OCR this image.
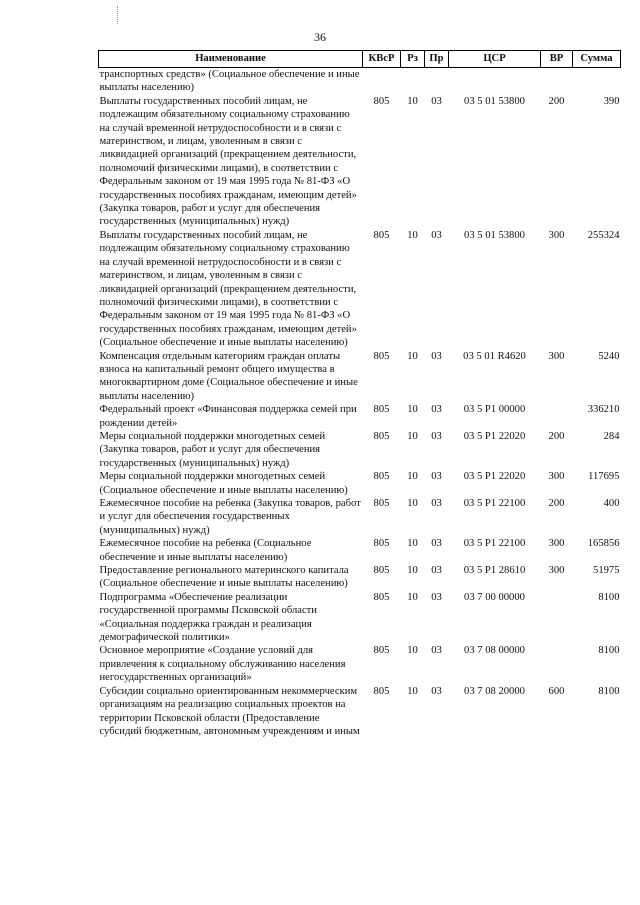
36
Наименование	КВсР	Рз	Пр	ЦСР	ВР	Сумма
транспортных средств» (Социальное обеспечение и иные выплаты населению)						
Выплаты государственных пособий лицам, не подлежащим обязательному социальному страхованию на случай временной нетрудоспособности и в связи с материнством, и лицам, уволенным в связи с ликвидацией организаций (прекращением деятельности, полномочий физическими лицами), в соответствии с Федеральным законом от 19 мая 1995 года № 81-ФЗ «О государственных пособиях гражданам, имеющим детей» (Закупка товаров, работ и услуг для обеспечения государственных (муниципальных) нужд)	805	10	03	03 5 01 53800	200	390
Выплаты государственных пособий лицам, не подлежащим обязательному социальному страхованию на случай временной нетрудоспособности и в связи с материнством, и лицам, уволенным в связи с ликвидацией организаций (прекращением деятельности, полномочий физическими лицами), в соответствии с Федеральным законом от 19 мая 1995 года № 81-ФЗ «О государственных пособиях гражданам, имеющим детей» (Социальное обеспечение и иные выплаты населению)	805	10	03	03 5 01 53800	300	255324
Компенсация отдельным категориям граждан оплаты взноса на капитальный ремонт общего имущества в многоквартирном доме (Социальное обеспечение и иные выплаты населению)	805	10	03	03 5 01 R4620	300	5240
Федеральный проект «Финансовая поддержка семей при рождении детей»	805	10	03	03 5 P1 00000		336210
Меры социальной поддержки многодетных семей (Закупка товаров, работ и услуг для обеспечения государственных (муниципальных) нужд)	805	10	03	03 5 P1 22020	200	284
Меры социальной поддержки многодетных семей (Социальное обеспечение и иные выплаты населению)	805	10	03	03 5 P1 22020	300	117695
Ежемесячное пособие на ребенка (Закупка товаров, работ и услуг для обеспечения государственных (муниципальных) нужд)	805	10	03	03 5 P1 22100	200	400
Ежемесячное пособие на ребенка (Социальное обеспечение и иные выплаты населению)	805	10	03	03 5 P1 22100	300	165856
Предоставление регионального материнского капитала (Социальное обеспечение и иные выплаты населению)	805	10	03	03 5 P1 28610	300	51975
Подпрограмма «Обеспечение реализации государственной программы Псковской области «Социальная поддержка граждан и реализация демографической политики»	805	10	03	03 7 00 00000		8100
Основное мероприятие «Создание условий для привлечения к социальному обслуживанию населения негосударственных организаций»	805	10	03	03 7 08 00000		8100
Субсидии социально ориентированным некоммерческим организациям на реализацию социальных проектов на территории Псковской области (Предоставление субсидий бюджетным, автономным учреждениям и иным	805	10	03	03 7 08 20000	600	8100
